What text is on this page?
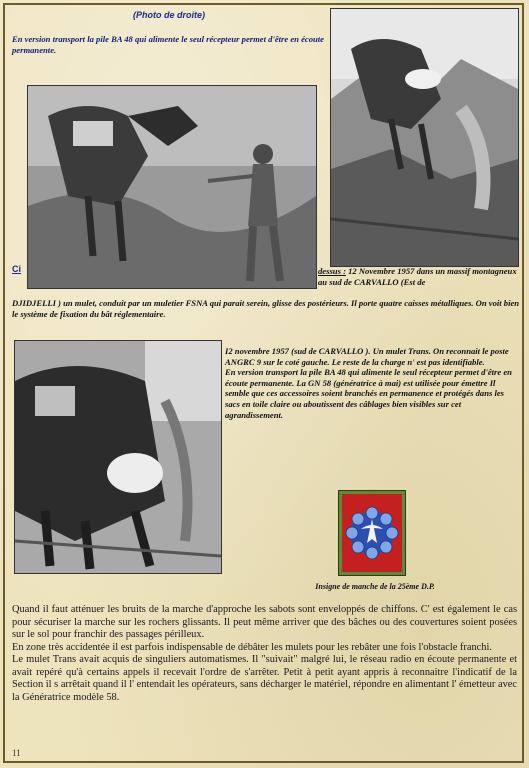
(Photo de droite)
En version transport la pile BA 48 qui alimente le seul récepteur permet d'être en écoute permanente.
Ci	dessus : 12 Novembre 1957 dans un massif montagneux au sud de CARVALLO (Est de
DJIDJELLI ) un mulet, conduit par un muletier FSNA qui parait serein, glisse des postérieurs. Il porte quatre caisses métalliques. On voit bien le système de fixation du bât réglementaire.
I2 novembre 1957 (sud de CARVALLO ). Un mulet Trans. On reconnait le poste ANGRC 9 sur le coté gauche. Le reste de la charge n' est pas identifiable.
En version transport la pile BA 48 qui alimente le seul récepteur permet d'être en écoute permanente. La GN 58 (génératrice à mai) est utilisée pour émettre Il semble que ces accessoires soient branchés en permanence et protégés dans les sacs en toile claire ou aboutissent des câblages bien visibles sur cet agrandissement.
Insigne de manche de la 25ème D.P.

Quand il faut atténuer les bruits de la marche d'approche les sabots sont enveloppés de chiffons. C' est également le cas pour sécuriser la marche sur les rochers glissants. Il peut même arriver que des bâches ou des couvertures soient posées sur le sol pour franchir des passages périlleux.

En zone très accidentée il est parfois indispensable de débâter les mulets pour les rebâter une fois l'obstacle franchi.

Le mulet Trans avait acquis de singuliers automatismes. Il "suivait" malgré lui, le réseau radio en écoute permanente et avait repéré qu'à certains appels il recevait l'ordre de s'arrêter. Petit à petit ayant appris à reconnaitre l'indicatif de la Section il s arrêtait quand il l' entendait les opérateurs, sans décharger le matériel, répondre en alimentant l' émetteur avec la Génératrice modèle 58.

11
